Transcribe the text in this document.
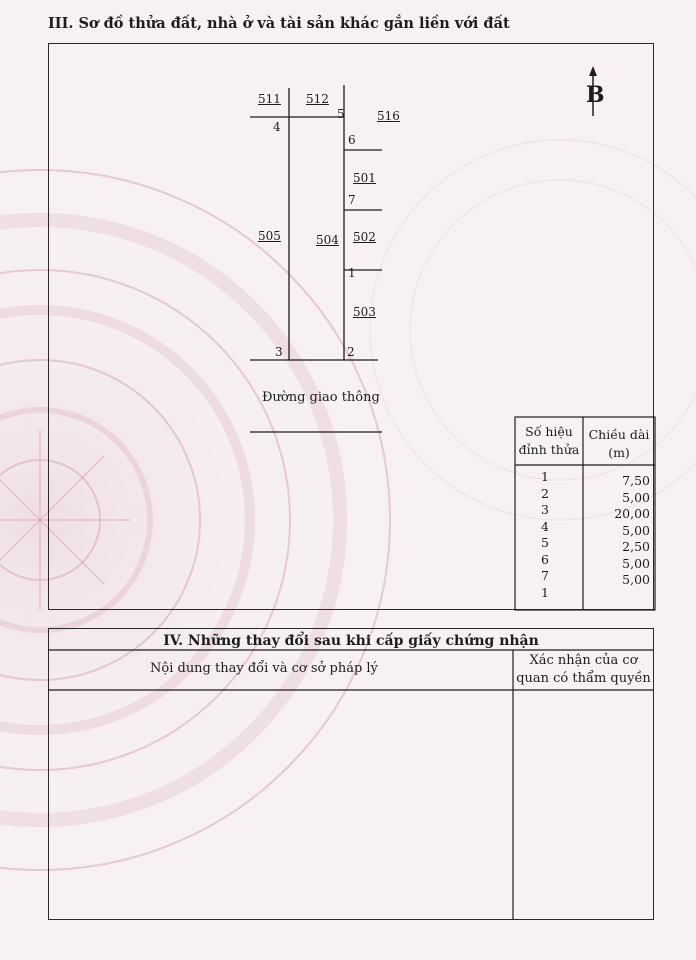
III. Sơ đồ thửa đất, nhà ở và tài sản khác gắn liền với đất
B
511 512
516
501
505	504 502
503
4
5
6
7
1
3	2
Đường giao thông
Số hiệu
đỉnh thửa
Chiều dài
(m)
1	7,50
2	5,00
3	20,00
4	5,00
5	2,50
6	5,00
7	5,00
1
IV. Những thay đổi sau khi cấp giấy chứng nhận
Nội dung thay đổi và cơ sở pháp lý
Xác nhận của cơ
quan có thẩm quyền
